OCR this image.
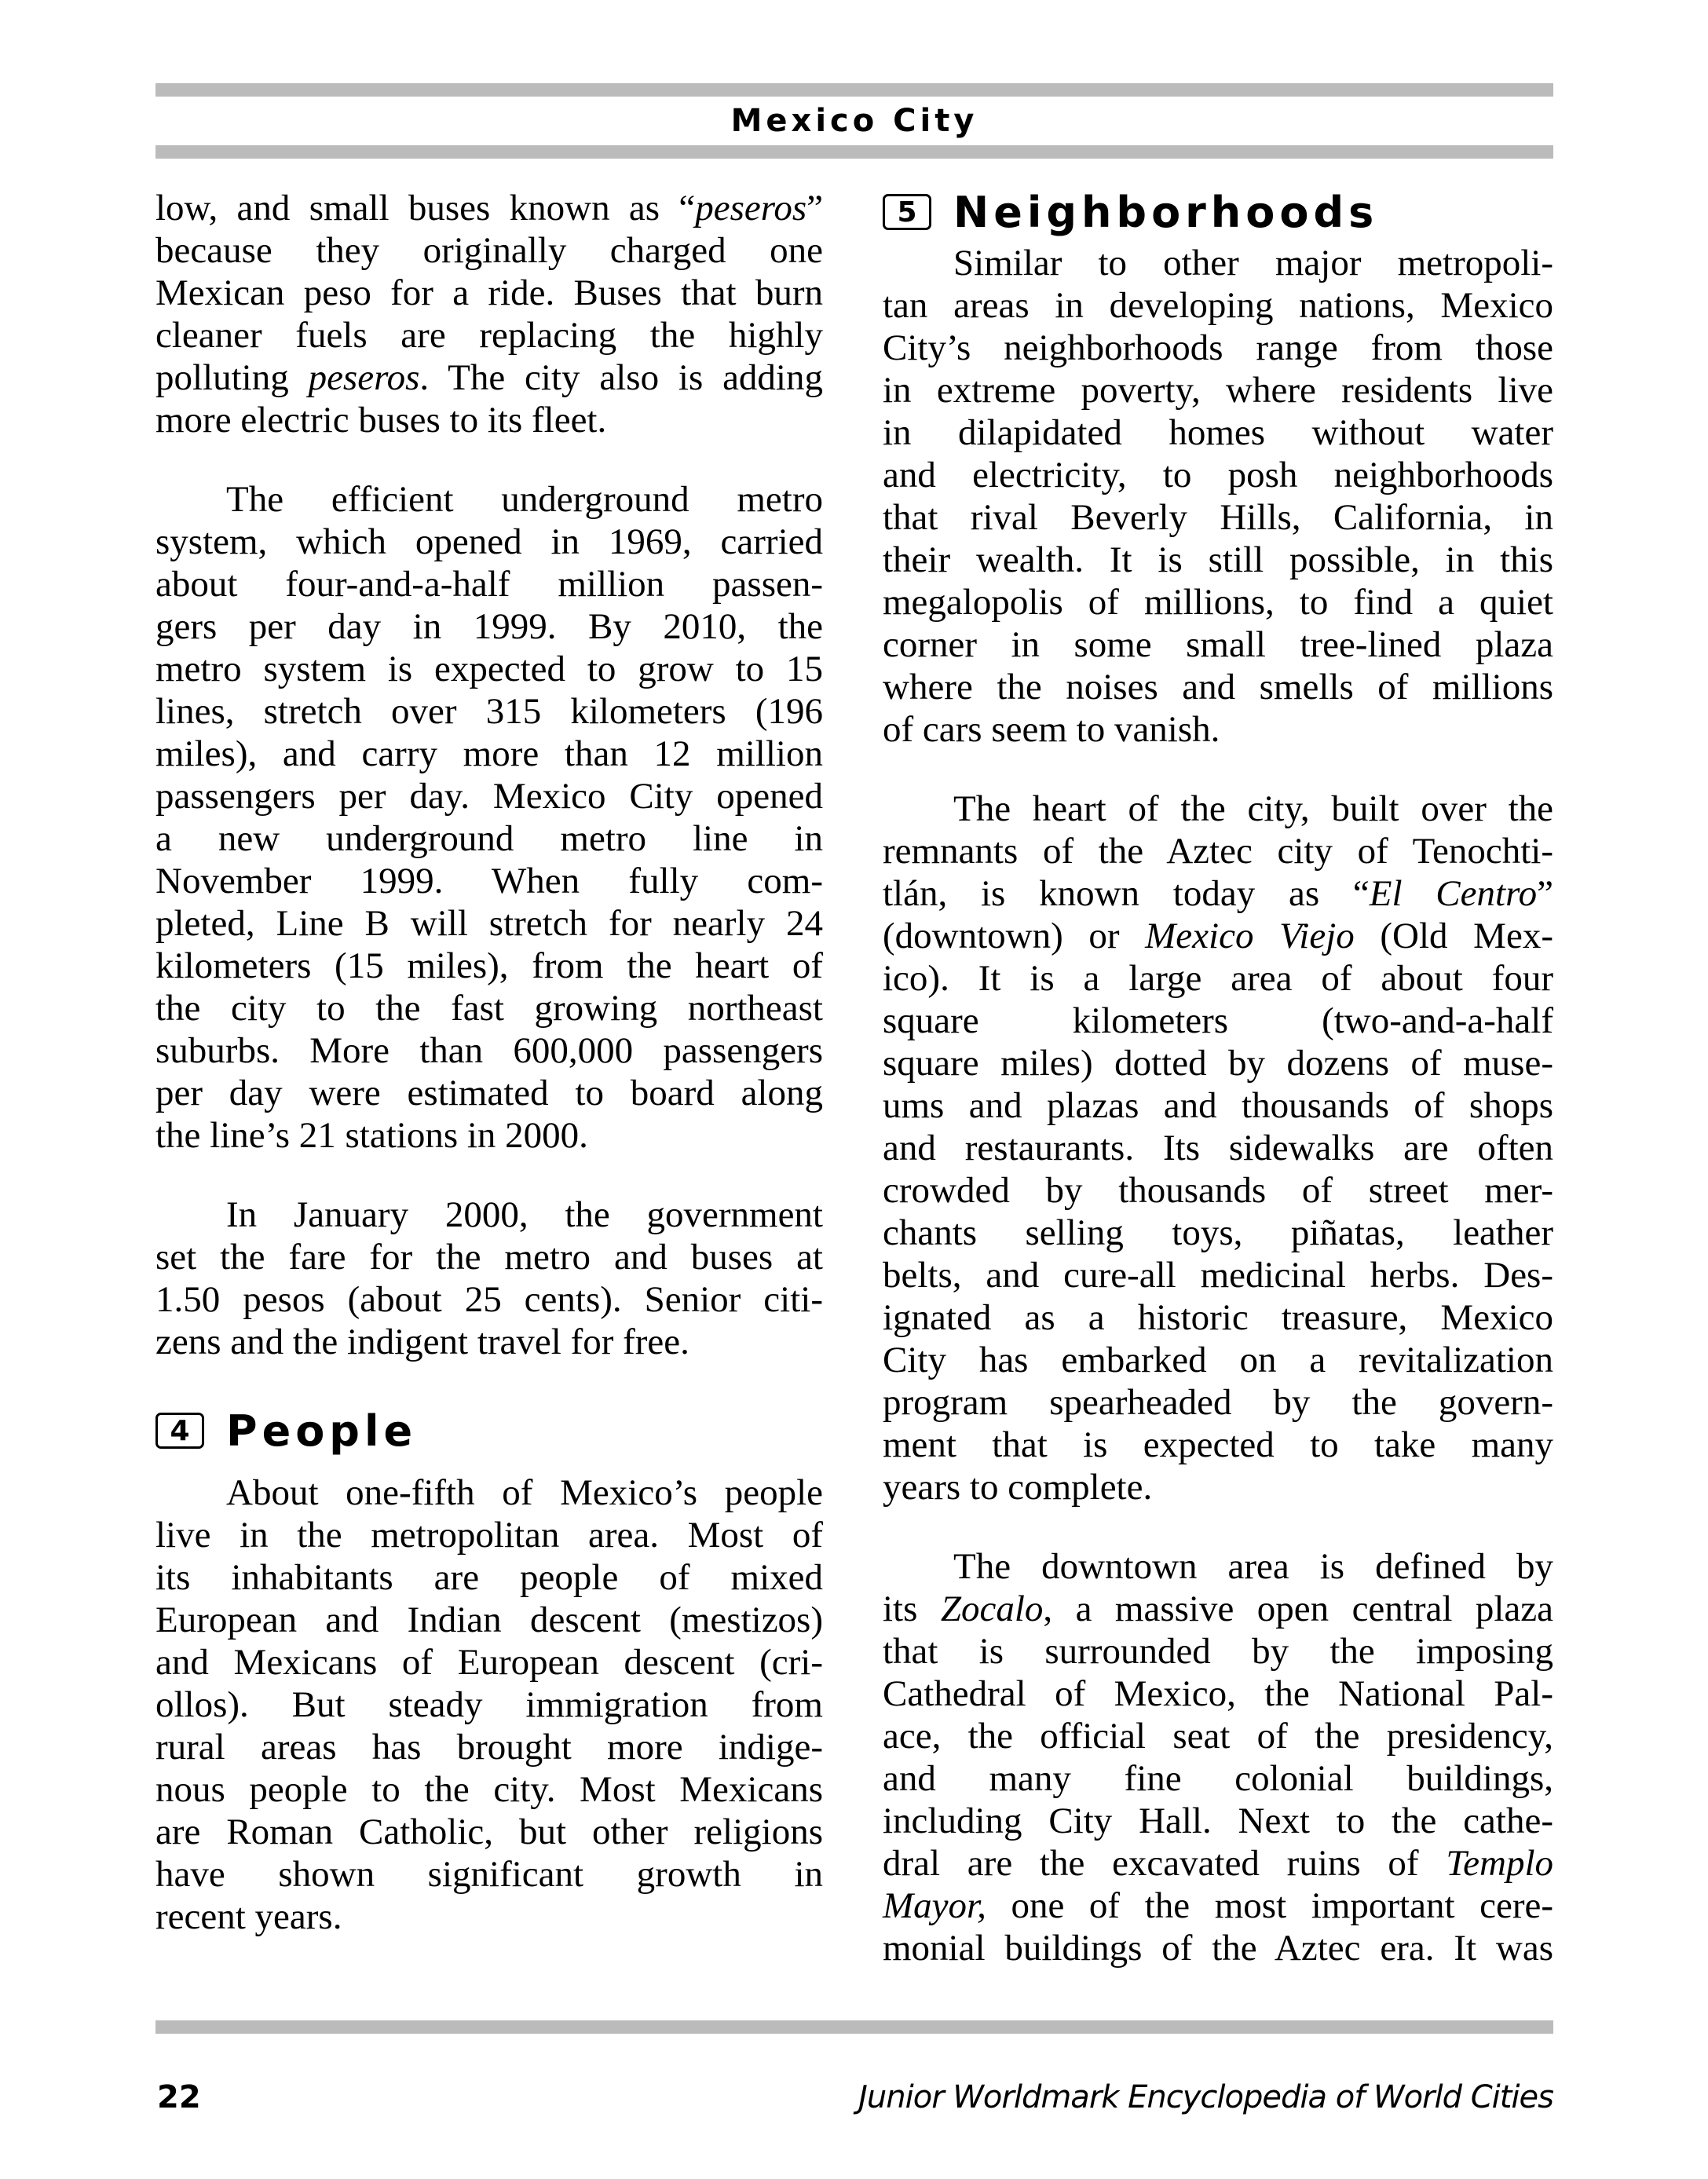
Mexico City
low, and small buses known as “peseros”
because they originally charged one
Mexican peso for a ride. Buses that burn
cleaner fuels are replacing the highly
polluting peseros. The city also is adding
more electric buses to its fleet.
The efficient underground metro
system, which opened in 1969, carried
about four-and-a-half million passen-
gers per day in 1999. By 2010, the
metro system is expected to grow to 15
lines, stretch over 315 kilometers (196
miles), and carry more than 12 million
passengers per day. Mexico City opened
a new underground metro line in
November 1999. When fully com-
pleted, Line B will stretch for nearly 24
kilometers (15 miles), from the heart of
the city to the fast growing northeast
suburbs. More than 600,000 passengers
per day were estimated to board along
the line’s 21 stations in 2000.
In January 2000, the government
set the fare for the metro and buses at
1.50 pesos (about 25 cents). Senior citi-
zens and the indigent travel for free.
4 People
About one-fifth of Mexico’s people
live in the metropolitan area. Most of
its inhabitants are people of mixed
European and Indian descent (mestizos)
and Mexicans of European descent (cri-
ollos). But steady immigration from
rural areas has brought more indige-
nous people to the city. Most Mexicans
are Roman Catholic, but other religions
have shown significant growth in
recent years.
5 Neighborhoods
Similar to other major metropoli-
tan areas in developing nations, Mexico
City’s neighborhoods range from those
in extreme poverty, where residents live
in dilapidated homes without water
and electricity, to posh neighborhoods
that rival Beverly Hills, California, in
their wealth. It is still possible, in this
megalopolis of millions, to find a quiet
corner in some small tree-lined plaza
where the noises and smells of millions
of cars seem to vanish.
The heart of the city, built over the
remnants of the Aztec city of Tenochti-
tlán, is known today as “El Centro”
(downtown) or Mexico Viejo (Old Mex-
ico). It is a large area of about four
square kilometers (two-and-a-half
square miles) dotted by dozens of muse-
ums and plazas and thousands of shops
and restaurants. Its sidewalks are often
crowded by thousands of street mer-
chants selling toys, piñatas, leather
belts, and cure-all medicinal herbs. Des-
ignated as a historic treasure, Mexico
City has embarked on a revitalization
program spearheaded by the govern-
ment that is expected to take many
years to complete.
The downtown area is defined by
its Zocalo, a massive open central plaza
that is surrounded by the imposing
Cathedral of Mexico, the National Pal-
ace, the official seat of the presidency,
and many fine colonial buildings,
including City Hall. Next to the cathe-
dral are the excavated ruins of Templo
Mayor, one of the most important cere-
monial buildings of the Aztec era. It was
22	Junior Worldmark Encyclopedia of World Cities
